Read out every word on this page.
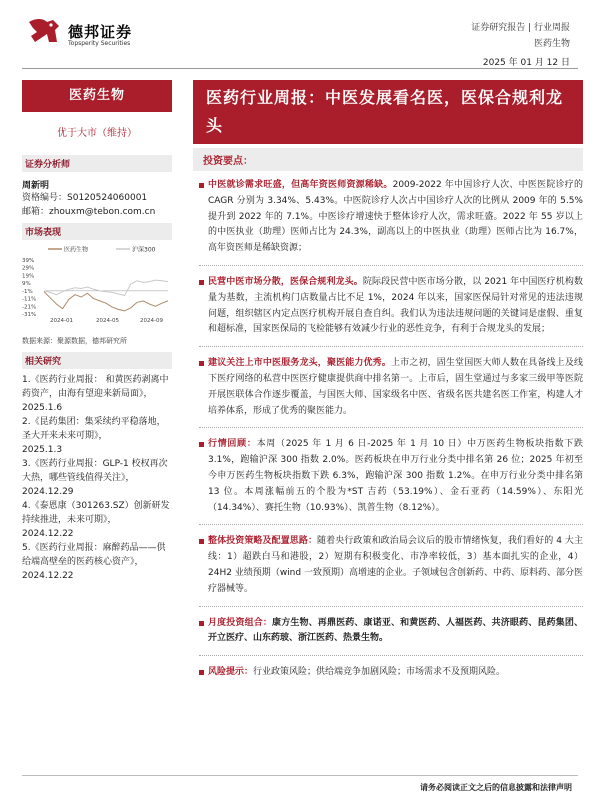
德邦证券
Topsperity Securities
证券研究报告 | 行业周报
医药生物
2025 年 01 月 12 日
医药生物
优于大市（维持）
证券分析师
周新明
资格编号：S0120524060001
邮箱：zhouxm@tebon.com.cn
市场表现
医药生物	沪深300
39%
29%
19%
9%
-1%
-11%
-21%
-31%
2024-01	2024-05	2024-09
数据来源：聚源数据，德邦研究所
相关研究
1.《医药行业周报： 和黄医药剥离中药资产，由海有望迎来新局面》，
2025.1.6
2.《昆药集团：集采续约平稳落地，圣大开来未来可期》，
2025.1.3
3.《医药行业周报：GLP-1 校权再次大热，哪些管线值得关注》，
2024.12.29
4.《泰恩康（301263.SZ）创新研发持续推进，未来可期》，
2024.12.22
5.《医药行业周报：麻醉药品——供给端高壁垒的医药核心资产》，
2024.12.22
医药行业周报：中医发展看名医，医保合规利龙头
投资要点：
中医就诊需求旺盛，但高年资医师资源稀缺。2009-2022 年中国诊疗人次、中医医院诊疗的 CAGR 分别为 3.34%、5.43%。中医院诊疗人次占中国诊疗人次的比例从 2009 年的 5.5%提升到 2022 年的 7.1%。中医诊疗增速快于整体诊疗人次，需求旺盛。2022 年 55 岁以上的中医执业（助理）医师占比为 24.3%，副高以上的中医执业（助理）医师占比为 16.7%，高年资医师是稀缺资源；
民营中医市场分散，医保合规利龙头。院际段民营中医市场分散，以 2021 年中国医疗机构数量为基数，主流机构门店数量占比不足 1%，2024 年以来，国家医保局针对常见的违法违规问题，组织辖区内定点医疗机构开展自查自纠。我们认为违法违规问题的关键词是虚假、重复和超标准，国家医保局的飞检能够有效减少行业的恶性竞争，有利于合规龙头的发展；
建议关注上市中医服务龙头，聚医能力优秀。上市之初，固生堂国医大师人数在具备线上及线下医疗网络的私营中医医疗健康提供商中排名第一。上市后，固生堂通过与多家三级甲等医院开展医联体合作逐步覆盖，与国医大师、国家级名中医、省级名医共建名医工作室，构建人才培养体系，形成了优秀的聚医能力。
行情回顾：本周（2025 年 1 月 6 日-2025 年 1 月 10 日）中万医药生物板块指数下跌 3.1%，跑输沪深 300 指数 2.0%。医药板块在申万行业分类中排名第 26 位；2025 年初至今申万医药生物板块指数下跌 6.3%，跑输沪深 300 指数 1.2%。在申万行业分类中排名第 13 位。本周涨幅前五的个股为*ST 吉药（53.19%）、金石亚药（14.59%）、东阳光（14.34%）、赛托生物（10.93%）、凯普生物（8.12%）。
整体投资策略及配置思路：随着央行政策和政治局会议后的股市情绪恢复，我们看好的 4 大主线：1）超跌白马和港股，2）短期有积极变化、市净率较低，3）基本面扎实的企业，4）24H2 业绩预期（wind 一致预期）高增速的企业。子领域包含创新药、中药、原料药、部分医疗器械等。
月度投资组合：康方生物、再鼎医药、康诺亚、和黄医药、人福医药、共济眼药、昆药集团、开立医疗、山东药玻、浙江医药、热景生物。
风险提示：行业政策风险；供给端竞争加剧风险；市场需求不及预期风险。
请务必阅读正文之后的信息披露和法律声明
